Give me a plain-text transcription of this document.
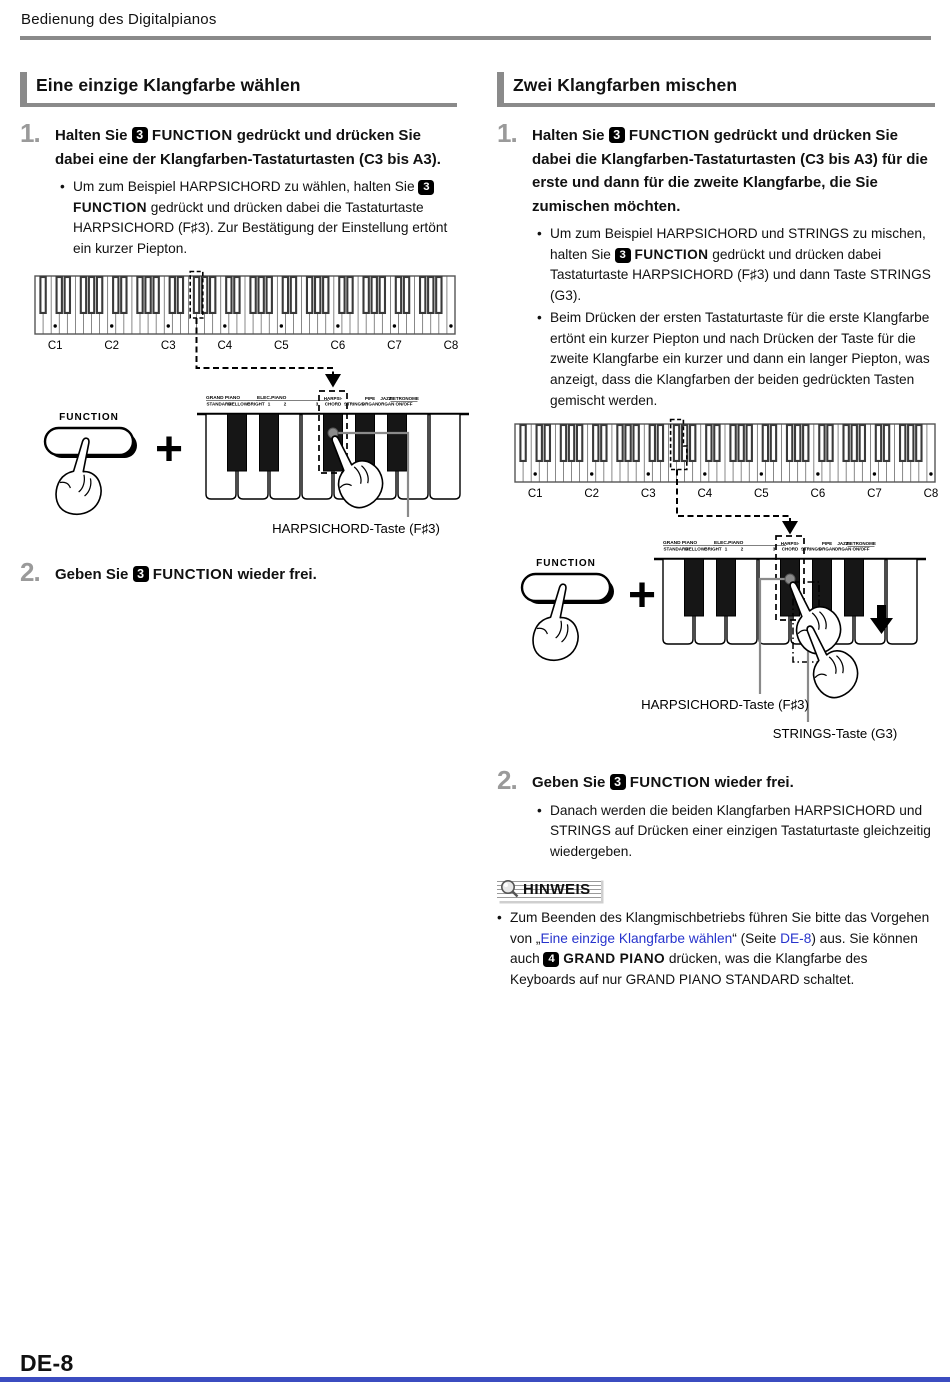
Bedienung des Digitalpianos
Eine einzige Klangfarbe wählen
1.	Halten Sie 3 FUNCTION gedrückt und drücken Sie dabei eine der Klangfarben-Tastaturtasten (C3 bis A3).
• Um zum Beispiel HARPSICHORD zu wählen, halten Sie 3 FUNCTION gedrückt und drücken dabei die Tastaturtaste HARPSICHORD (F♯3). Zur Bestätigung der Einstellung ertönt ein kurzer Piepton.
C1	C2	C3	C4	C5	C6	C7	C8
FUNCTION
+
GRAND PIANO	ELEC.PIANO
STANDARD
MELLOW BRIGHT 1	2	3
HARPSI-
CHORD STRINGS
PIPE
ORGAN
JAZZ
ORGAN
METRONOME
ON/OFF
HARPSICHORD-Taste (F♯3)
2.	Geben Sie 3 FUNCTION wieder frei.
Zwei Klangfarben mischen
1.	Halten Sie 3 FUNCTION gedrückt und drücken Sie dabei die Klangfarben-Tastaturtasten (C3 bis A3) für die erste und dann für die zweite Klangfarbe, die Sie zumischen möchten.
• Um zum Beispiel HARPSICHORD und STRINGS zu mischen, halten Sie 3 FUNCTION gedrückt und drücken dabei Tastaturtaste HARPSICHORD (F♯3) und dann Taste STRINGS (G3).
• Beim Drücken der ersten Tastaturtaste für die erste Klangfarbe ertönt ein kurzer Piepton und nach Drücken der Taste für die zweite Klangfarbe ein kurzer und dann ein langer Piepton, was anzeigt, dass die Klangfarben der beiden gedrückten Tasten gemischt werden.
C1	C2	C3	C4	C5	C6	C7	C8
FUNCTION
+
GRAND PIANO	ELEC.PIANO
STANDARD
MELLOW BRIGHT 1	2	3
HARPSI-
CHORD STRINGS
PIPE
ORGAN
JAZZ
ORGAN
METRONOME
ON/OFF
HARPSICHORD-Taste (F♯3)
STRINGS-Taste (G3)
2.	Geben Sie 3 FUNCTION wieder frei.
• Danach werden die beiden Klangfarben HARPSICHORD und STRINGS auf Drücken einer einzigen Tastaturtaste gleichzeitig wiedergeben.
HINWEIS
• Zum Beenden des Klangmischbetriebs führen Sie bitte das Vorgehen von „Eine einzige Klangfarbe wählen“ (Seite DE-8) aus. Sie können auch 4 GRAND PIANO drücken, was die Klangfarbe des Keyboards auf nur GRAND PIANO STANDARD schaltet.
DE-8
